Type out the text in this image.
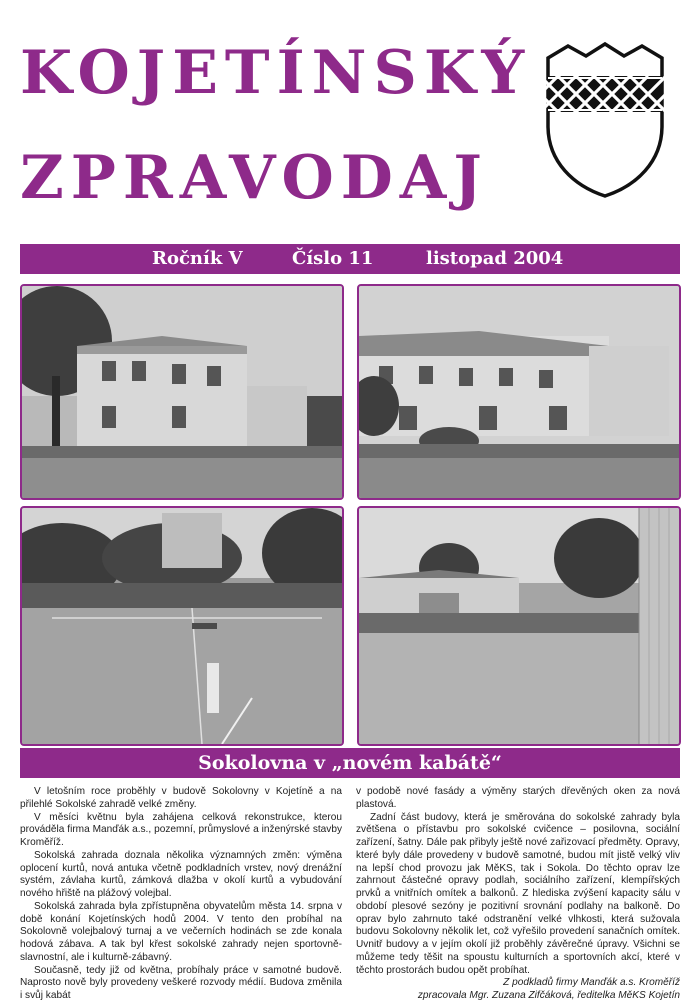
KOJETÍNSKÝ
ZPRAVODAJ
Ročník V	Číslo 11	listopad 2004
Sokolovna v „novém kabátě“

V letošním roce proběhly v budově Sokolovny v Kojetíně a na přilehlé Sokolské zahradě velké změny.

V měsíci květnu byla zahájena celková rekonstrukce, kterou prováděla firma Manďák a.s., pozemní, průmyslové a inženýrské stavby Kroměříž.

Sokolská zahrada doznala několika významných změn: výměna oplocení kurtů, nová antuka včetně podkladních vrstev, nový drenážní systém, závlaha kurtů, zámková dlažba v okolí kurtů a vybudování nového hřiště na plážový volejbal.

Sokolská zahrada byla zpřístupněna obyvatelům města 14. srpna v době konání Kojetínských hodů 2004. V tento den probíhal na Sokolovně volejbalový turnaj a ve večerních hodinách se zde konala hodová zábava. A tak byl křest sokolské zahrady nejen sportovně-slavnostní, ale i kulturně-zábavný.

Současně, tedy již od května, probíhaly práce v samotné budově. Naprosto nově byly provedeny veškeré rozvody médií. Budova změnila i svůj kabát

v podobě nové fasády a výměny starých dřevěných oken za nová plastová.

Zadní část budovy, která je směrována do sokolské zahrady byla zvětšena o přístavbu pro sokolské cvičence – posilovna, sociální zařízení, šatny. Dále pak přibyly ještě nové zařizovací předměty. Opravy, které byly dále provedeny v budově samotné, budou mít jistě velký vliv na lepší chod provozu jak MěKS, tak i Sokola. Do těchto oprav lze zahrnout částečné opravy podlah, sociálního zařízení, klempířských prvků a vnitřních omítek a balkonů. Z hlediska zvýšení kapacity sálu v období plesové sezóny je pozitivní srovnání podlahy na balkoně. Do oprav bylo zahrnuto také odstranění velké vlhkosti, která sužovala budovu Sokolovny několik let, což vyřešilo provedení sanačních omítek. Uvnitř budovy a v jejím okolí již proběhly závěrečné úpravy. Všichni se můžeme tedy těšit na spoustu kulturních a sportovních akcí, které v těchto prostorách budou opět probíhat.

Z podkladů firmy Manďák a.s. Kroměříž

zpracovala Mgr. Zuzana Zifčáková, ředitelka MěKS Kojetín
